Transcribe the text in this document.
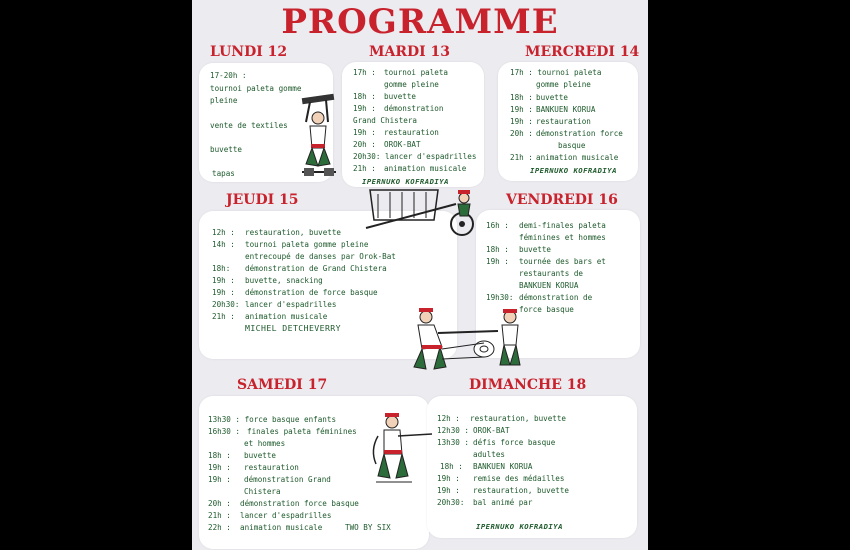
PROGRAMME
LUNDI 12	MARDI 13	MERCREDI 14
JEUDI 15	VENDREDI 16
SAMEDI 17	DIMANCHE 18
17-20h :
tournoi paleta gomme
pleine
vente de textiles
buvette
tapas
17h : tournoi paleta
gomme pleine
18h : buvette
19h : démonstration
Grand Chistera
19h : restauration
20h : OROK-BAT
20h30: lancer d'espadrilles
21h : animation musicale
IPERNUKO KOFRADIYA
17h : tournoi paleta
gomme pleine
18h : buvette
19h : BANKUEN KORUA
19h : restauration
20h : démonstration force
basque
21h : animation musicale
IPERNUKO KOFRADIYA
12h : restauration, buvette
14h : tournoi paleta gomme pleine
entrecoupé de danses par Orok-Bat
18h: démonstration de Grand Chistera
19h : buvette, snacking
19h : démonstration de force basque
20h30: lancer d'espadrilles
21h : animation musicale
MICHEL DETCHEVERRY
16h : demi-finales paleta
féminines et hommes
18h : buvette
19h : tournée des bars et
restaurants de
BANKUEN KORUA
19h30: démonstration de
force basque
13h30 : force basque enfants
16h30 : finales paleta féminines
et hommes
18h : buvette
19h : restauration
19h : démonstration Grand
Chistera
20h : démonstration force basque
21h : lancer d'espadrilles
22h : animation musicale	TWO BY SIX
12h : restauration, buvette
12h30 : OROK-BAT
13h30 : défis force basque
adultes
18h : BANKUEN KORUA
19h : remise des médailles
19h : restauration, buvette
20h30: bal animé par
IPERNUKO KOFRADIYA
